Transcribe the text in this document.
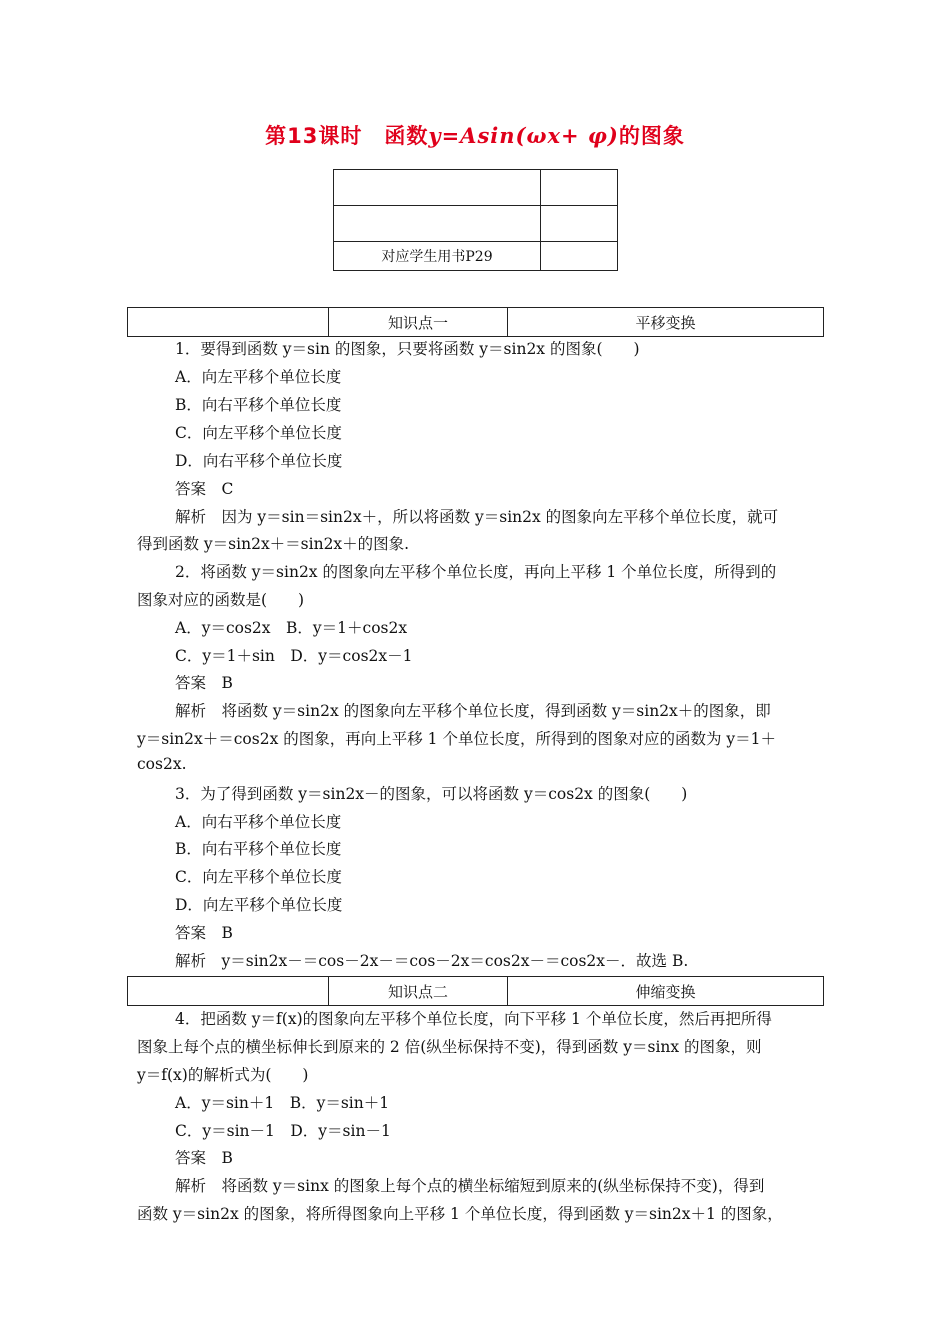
第13课时　函数y=Asin(ωx+ φ)的图象

对应学生用书P29	
	知识点一	平移变换
	知识点二	伸缩变换
1．要得到函数 y＝sin 的图象，只要将函数 y＝sin2x 的图象(　　)
A．向左平移个单位长度
B．向右平移个单位长度
C．向左平移个单位长度
D．向右平移个单位长度
答案　C
解析　因为 y＝sin＝sin2x＋，所以将函数 y＝sin2x 的图象向左平移个单位长度，就可
得到函数 y＝sin2x＋＝sin2x＋的图象.
2．将函数 y＝sin2x 的图象向左平移个单位长度，再向上平移 1 个单位长度，所得到的
图象对应的函数是(　　)
A．y＝cos2x　B．y＝1＋cos2x
C．y＝1＋sin　D．y＝cos2x－1
答案　B
解析　将函数 y＝sin2x 的图象向左平移个单位长度，得到函数 y＝sin2x＋的图象，即
y＝sin2x＋＝cos2x 的图象，再向上平移 1 个单位长度，所得到的图象对应的函数为 y＝1＋
cos2x.
3．为了得到函数 y＝sin2x－的图象，可以将函数 y＝cos2x 的图象(　　)
A．向右平移个单位长度
B．向右平移个单位长度
C．向左平移个单位长度
D．向左平移个单位长度
答案　B
解析　y＝sin2x－＝cos－2x－＝cos－2x＝cos2x－＝cos2x－．故选 B.
4．把函数 y＝f(x)的图象向左平移个单位长度，向下平移 1 个单位长度，然后再把所得
图象上每个点的横坐标伸长到原来的 2 倍(纵坐标保持不变)，得到函数 y＝sinx 的图象，则
y＝f(x)的解析式为(　　)
A．y＝sin＋1　B．y＝sin＋1
C．y＝sin－1　D．y＝sin－1
答案　B
解析　将函数 y＝sinx 的图象上每个点的横坐标缩短到原来的(纵坐标保持不变)，得到
函数 y＝sin2x 的图象，将所得图象向上平移 1 个单位长度，得到函数 y＝sin2x＋1 的图象，
